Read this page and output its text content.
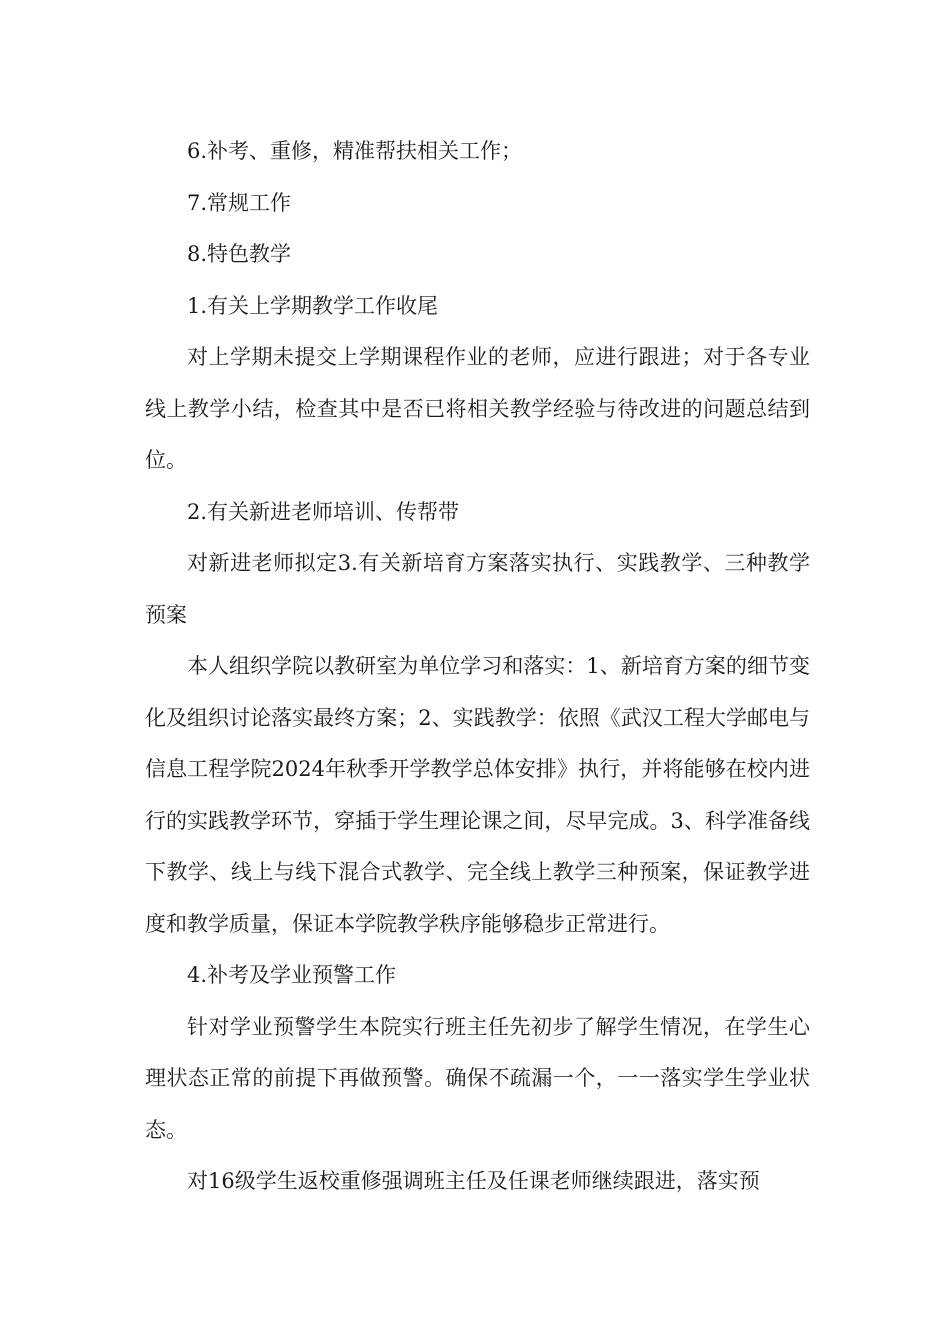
6.补考、重修，精准帮扶相关工作；

7.常规工作

8.特色教学

1.有关上学期教学工作收尾

对上学期未提交上学期课程作业的老师，应进行跟进；对于各专业线上教学小结，检查其中是否已将相关教学经验与待改进的问题总结到位。

2.有关新进老师培训、传帮带

对新进老师拟定3.有关新培育方案落实执行、实践教学、三种教学预案

本人组织学院以教研室为单位学习和落实：1、新培育方案的细节变化及组织讨论落实最终方案；2、实践教学：依照《武汉工程大学邮电与信息工程学院2024年秋季开学教学总体安排》执行，并将能够在校内进行的实践教学环节，穿插于学生理论课之间，尽早完成。3、科学准备线下教学、线上与线下混合式教学、完全线上教学三种预案，保证教学进度和教学质量，保证本学院教学秩序能够稳步正常进行。

4.补考及学业预警工作

针对学业预警学生本院实行班主任先初步了解学生情况，在学生心理状态正常的前提下再做预警。确保不疏漏一个，一一落实学生学业状态。

对16级学生返校重修强调班主任及任课老师继续跟进，落实预
